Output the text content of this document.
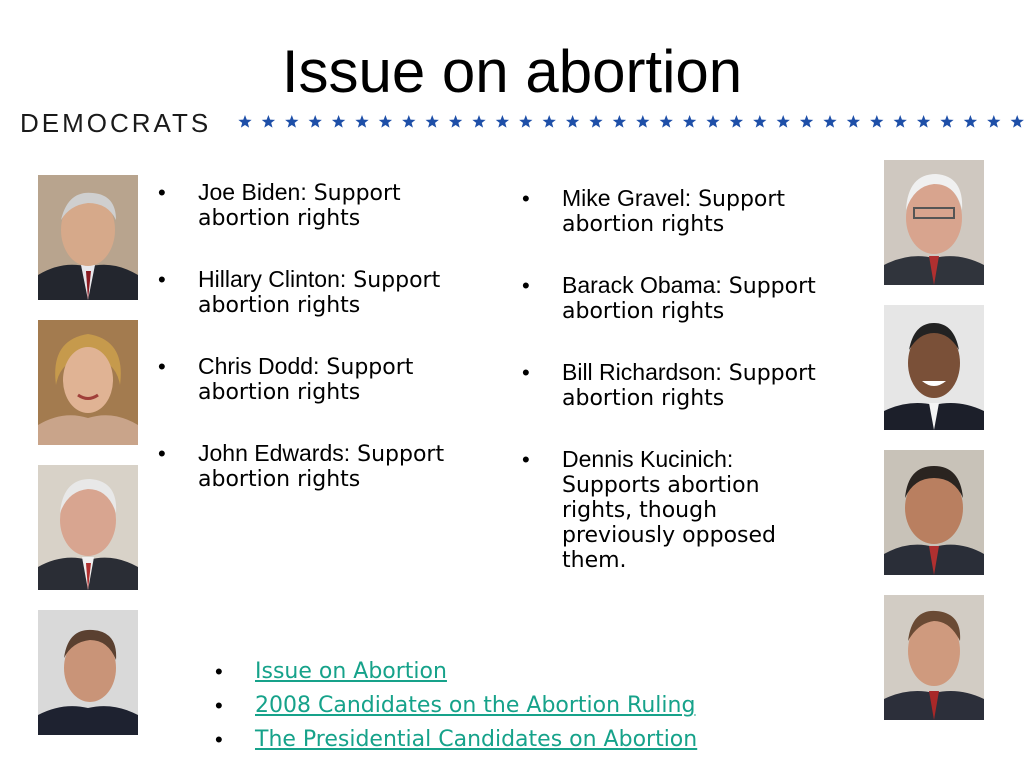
Issue on abortion
DEMOCRATS
• Joe Biden: Support abortion rights
• Hillary Clinton: Support abortion rights
• Chris Dodd: Support abortion rights
• John Edwards: Support abortion rights
• Mike Gravel: Support abortion rights
• Barack Obama: Support abortion rights
• Bill Richardson: Support abortion rights
• Dennis Kucinich: Supports abortion rights, though previously opposed them.
• Issue on Abortion
• 2008 Candidates on the Abortion Ruling
• The Presidential Candidates on Abortion
